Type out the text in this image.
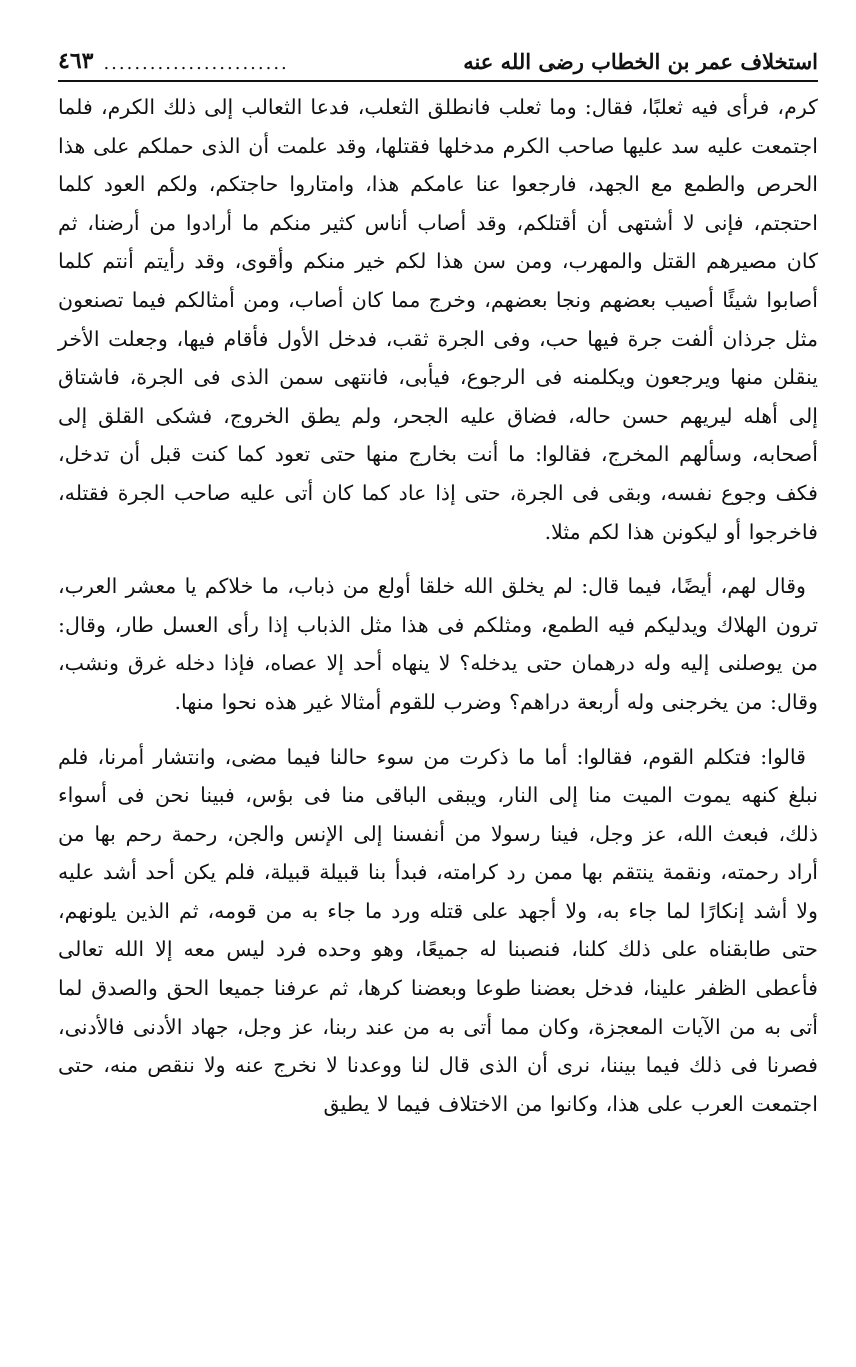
استخلاف عمر بن الخطاب رضى الله عنه
........................
٤٦٣

كرم، فرأى فيه ثعلبًا، فقال: وما ثعلب فانطلق الثعلب، فدعا الثعالب إلى ذلك الكرم، فلما اجتمعت عليه سد عليها صاحب الكرم مدخلها فقتلها، وقد علمت أن الذى حملكم على هذا الحرص والطمع مع الجهد، فارجعوا عنا عامكم هذا، وامتاروا حاجتكم، ولكم العود كلما احتجتم، فإنى لا أشتهى أن أقتلكم، وقد أصاب أناس كثير منكم ما أرادوا من أرضنا، ثم كان مصيرهم القتل والمهرب، ومن سن هذا لكم خير منكم وأقوى، وقد رأيتم أنتم كلما أصابوا شيئًا أصيب بعضهم ونجا بعضهم، وخرج مما كان أصاب، ومن أمثالكم فيما تصنعون مثل جرذان ألفت جرة فيها حب، وفى الجرة ثقب، فدخل الأول فأقام فيها، وجعلت الأخر ينقلن منها ويرجعون ويكلمنه فى الرجوع، فيأبى، فانتهى سمن الذى فى الجرة، فاشتاق إلى أهله ليريهم حسن حاله، فضاق عليه الجحر، ولم يطق الخروج، فشكى القلق إلى أصحابه، وسألهم المخرج، فقالوا: ما أنت بخارج منها حتى تعود كما كنت قبل أن تدخل، فكف وجوع نفسه، وبقى فى الجرة، حتى إذا عاد كما كان أتى عليه صاحب الجرة فقتله، فاخرجوا أو ليكونن هذا لكم مثلا.

وقال لهم، أيضًا، فيما قال: لم يخلق الله خلقا أولع من ذباب، ما خلاكم يا معشر العرب، ترون الهلاك ويدليكم فيه الطمع، ومثلكم فى هذا مثل الذباب إذا رأى العسل طار، وقال: من يوصلنى إليه وله درهمان حتى يدخله؟ لا ينهاه أحد إلا عصاه، فإذا دخله غرق ونشب، وقال: من يخرجنى وله أربعة دراهم؟ وضرب للقوم أمثالا غير هذه نحوا منها.

قالوا: فتكلم القوم، فقالوا: أما ما ذكرت من سوء حالنا فيما مضى، وانتشار أمرنا، فلم نبلغ كنهه يموت الميت منا إلى النار، ويبقى الباقى منا فى بؤس، فبينا نحن فى أسواء ذلك، فبعث الله، عز وجل، فينا رسولا من أنفسنا إلى الإنس والجن، رحمة رحم بها من أراد رحمته، ونقمة ينتقم بها ممن رد كرامته، فبدأ بنا قبيلة قبيلة، فلم يكن أحد أشد عليه ولا أشد إنكارًا لما جاء به، ولا أجهد على قتله ورد ما جاء به من قومه، ثم الذين يلونهم، حتى طابقناه على ذلك كلنا، فنصبنا له جميعًا، وهو وحده فرد ليس معه إلا الله تعالى فأعطى الظفر علينا، فدخل بعضنا طوعا وبعضنا كرها، ثم عرفنا جميعا الحق والصدق لما أتى به من الآيات المعجزة، وكان مما أتى به من عند ربنا، عز وجل، جهاد الأدنى فالأدنى، فصرنا فى ذلك فيما بيننا، نرى أن الذى قال لنا ووعدنا لا نخرج عنه ولا ننقص منه، حتى اجتمعت العرب على هذا، وكانوا من الاختلاف فيما لا يطيق
